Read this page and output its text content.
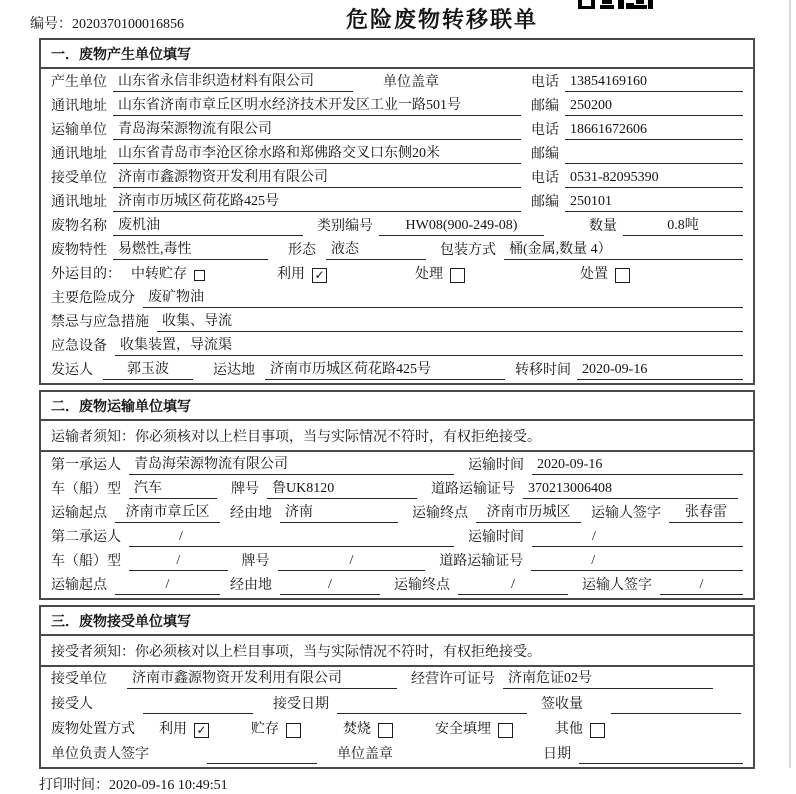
编号：2020370100016856	危险废物转移联单
一．废物产生单位填写
产生单位 山东省永信非织造材料有限公司	单位盖章	电话 13854169160
通讯地址 山东省济南市章丘区明水经济技术开发区工业一路501号	邮编 250200
运输单位 青岛海荣源物流有限公司	电话 18661672606
通讯地址 山东省青岛市李沧区徐水路和郑佛路交叉口东侧20米	邮编
接受单位 济南市鑫源物资开发利用有限公司	电话 0531-82095390
通讯地址 济南市历城区荷花路425号	邮编 250101
废物名称 废机油	类别编号	HW08(900-249-08)	数量	0.8吨
废物特性 易燃性,毒性	形态	液态	包装方式 桶(金属,数量 4）
外运目的： 中转贮存	利用 ✓	处理	处置
主要危险成分 废矿物油
禁忌与应急措施 收集、导流
应急设备 收集装置，导流渠
发运人	郭玉波	运达地	济南市历城区荷花路425号	转移时间 2020-09-16
二．废物运输单位填写
运输者须知：你必须核对以上栏目事项，当与实际情况不符时，有权拒绝接受。
第一承运人 青岛海荣源物流有限公司	运输时间 2020-09-16
车（船）型 汽车	牌号 鲁UK8120	道路运输证号 370213006408
运输起点	济南市章丘区	经由地 济南	运输终点	济南市历城区	运输人签字	张春雷
第二承运人	/	运输时间	/
车（船）型	/	牌号	/	道路运输证号	/
运输起点	/	经由地	/	运输终点	/	运输人签字	/
三．废物接受单位填写
接受者须知：你必须核对以上栏目事项，当与实际情况不符时，有权拒绝接受。
接受单位	济南市鑫源物资开发利用有限公司	经营许可证号 济南危证02号
接受人	接受日期	签收量
废物处置方式 利用 ✓	贮存	焚烧	安全填埋	其他
单位负责人签字	单位盖章	日期
打印时间：2020-09-16 10:49:51
